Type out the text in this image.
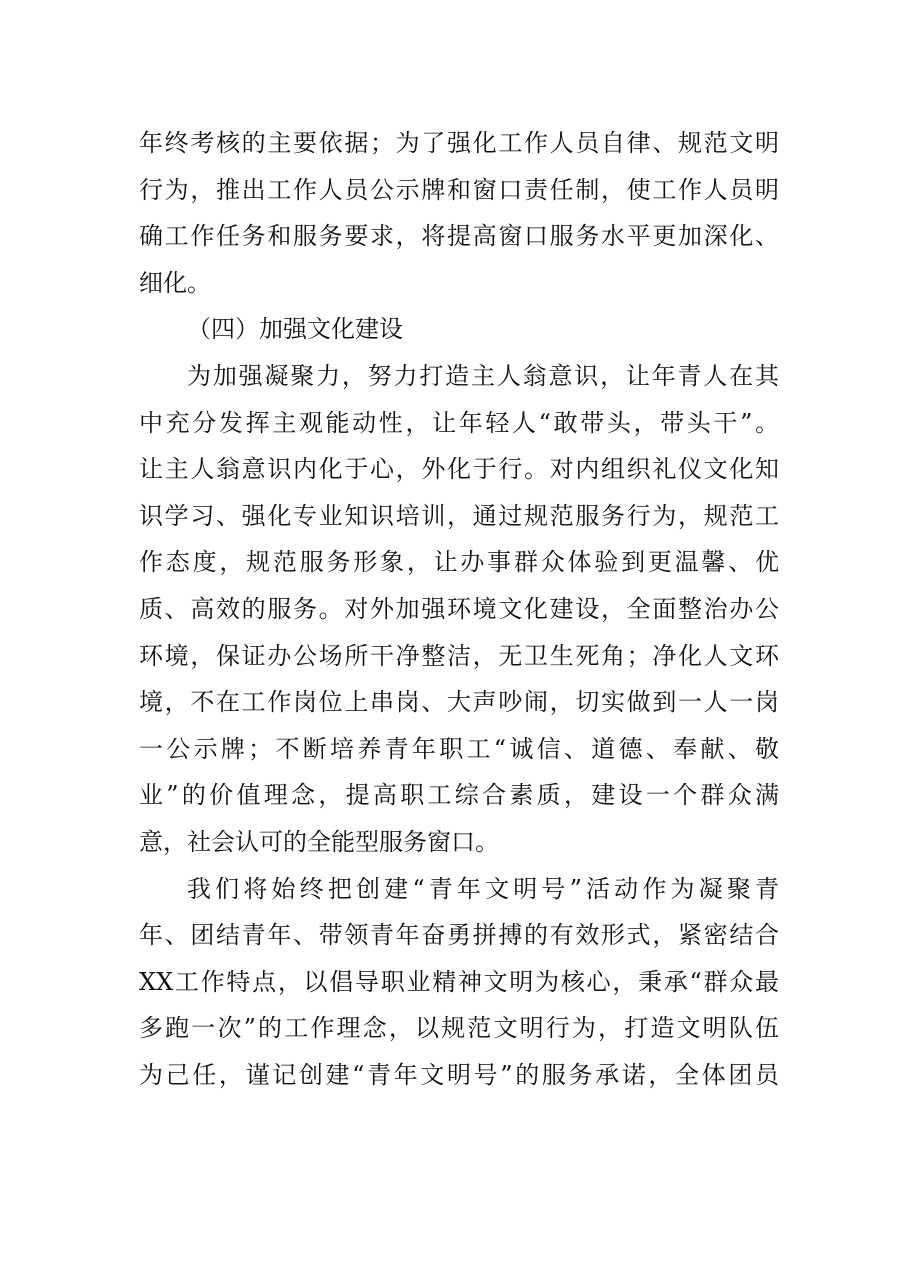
年终考核的主要依据；为了强化工作人员自律、规范文明
行为，推出工作人员公示牌和窗口责任制，使工作人员明
确工作任务和服务要求，将提高窗口服务水平更加深化、
细化。
（四）加强文化建设
为加强凝聚力，努力打造主人翁意识，让年青人在其
中充分发挥主观能动性，让年轻人“敢带头，带头干”。
让主人翁意识内化于心，外化于行。对内组织礼仪文化知
识学习、强化专业知识培训，通过规范服务行为，规范工
作态度，规范服务形象，让办事群众体验到更温馨、优
质、高效的服务。对外加强环境文化建设，全面整治办公
环境，保证办公场所干净整洁，无卫生死角；净化人文环
境，不在工作岗位上串岗、大声吵闹，切实做到一人一岗
一公示牌；不断培养青年职工“诚信、道德、奉献、敬
业”的价值理念，提高职工综合素质，建设一个群众满
意，社会认可的全能型服务窗口。
我们将始终把创建“青年文明号”活动作为凝聚青
年、团结青年、带领青年奋勇拼搏的有效形式，紧密结合
XX工作特点，以倡导职业精神文明为核心，秉承“群众最
多跑一次”的工作理念，以规范文明行为，打造文明队伍
为己任，谨记创建“青年文明号”的服务承诺，全体团员
